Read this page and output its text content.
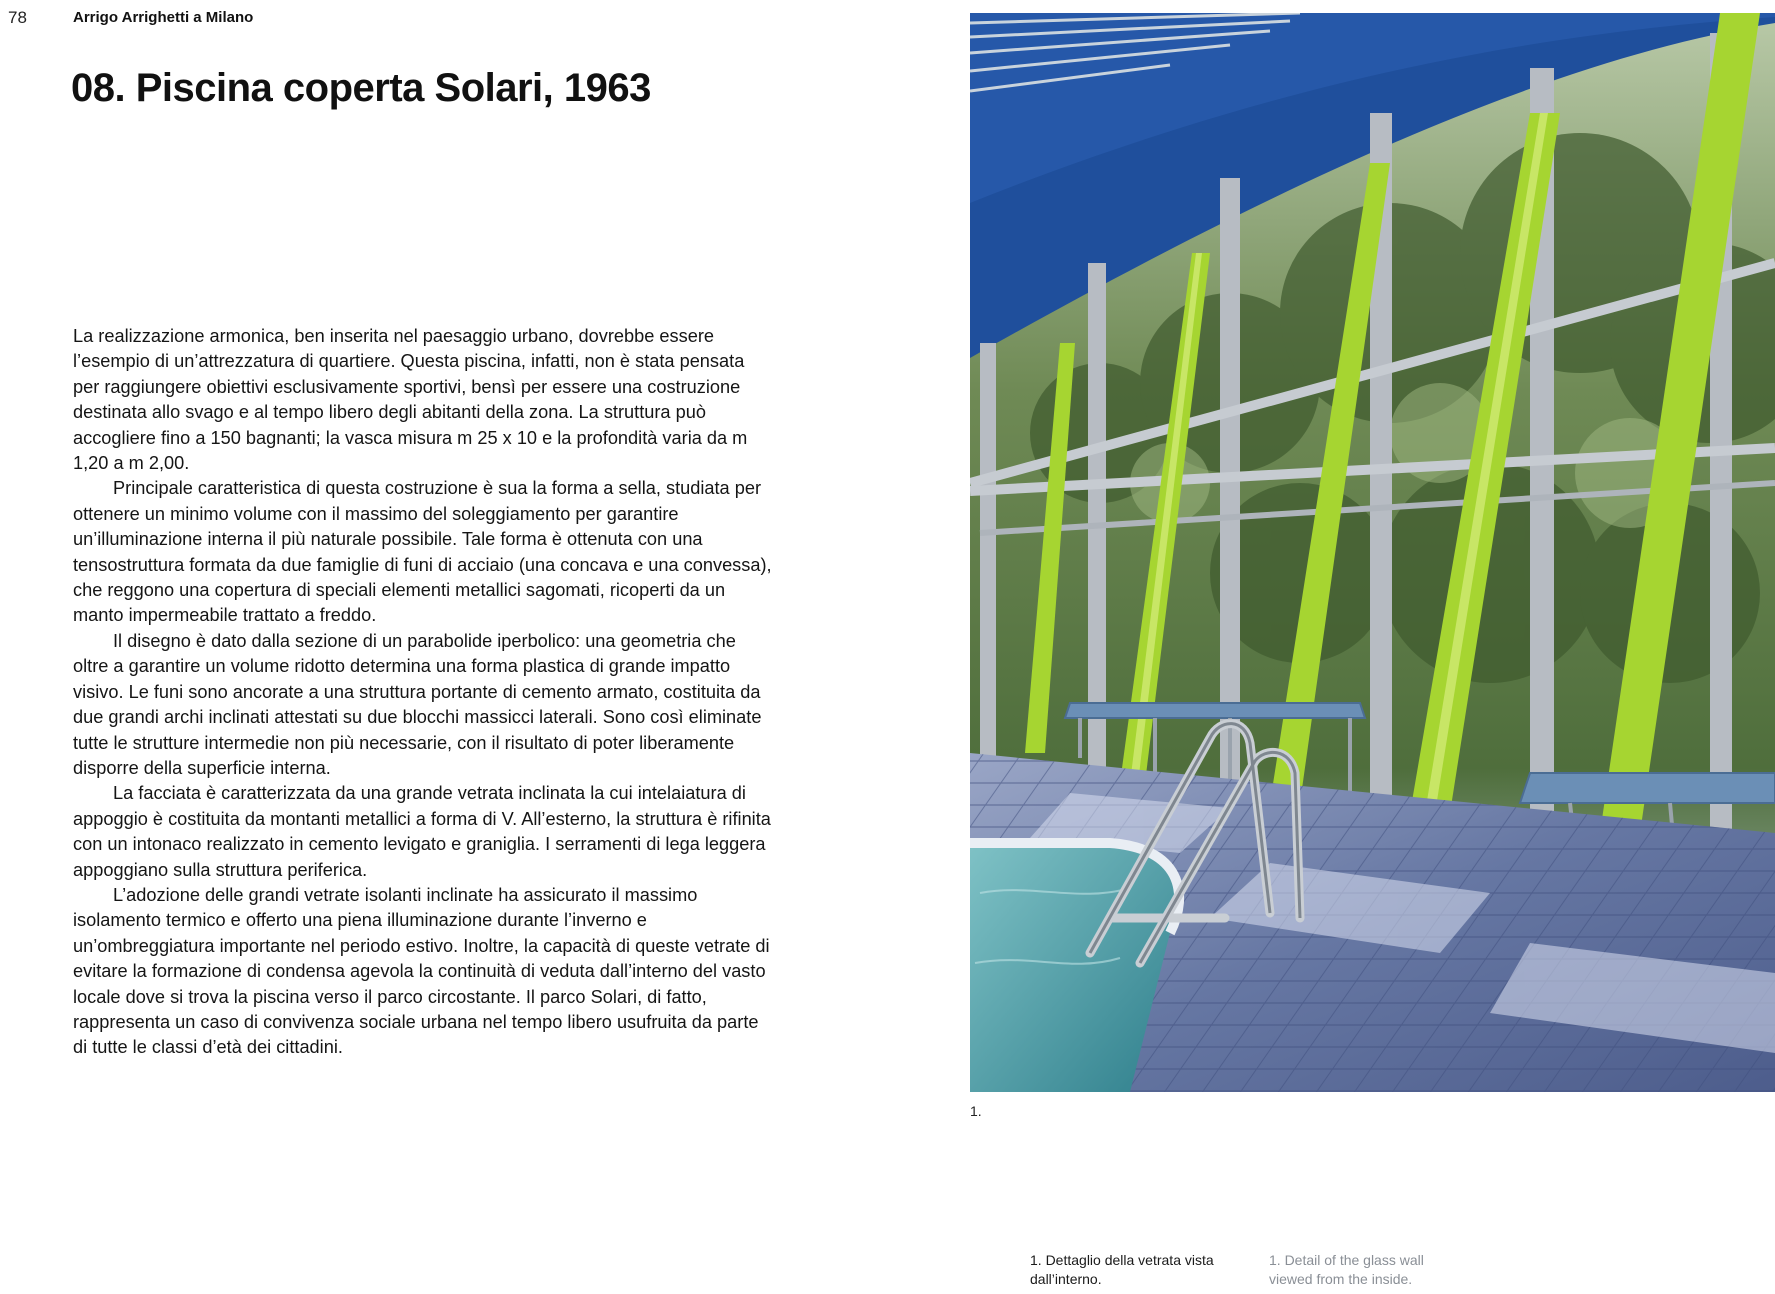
78	Arrigo Arrighetti a Milano
08. Piscina coperta Solari, 1963

La realizzazione armonica, ben inserita nel paesaggio urbano, dovrebbe essere l’esempio di un’attrezzatura di quartiere. Questa piscina, infatti, non è stata pensata per raggiungere obiettivi esclusivamente sportivi, bensì per essere una costruzione destinata allo svago e al tempo libero degli abitanti della zona. La struttura può accogliere fino a 150 bagnanti; la vasca misura m 25 x 10 e la profondità varia da m 1,20 a m 2,00.

Principale caratteristica di questa costruzione è sua la forma a sella, studiata per ottenere un minimo volume con il massimo del soleggiamento per garantire un’illuminazione interna il più naturale possibile. Tale forma è ottenuta con una tensostruttura formata da due famiglie di funi di acciaio (una concava e una convessa), che reggono una copertura di speciali elementi metallici sagomati, ricoperti da un manto impermeabile trattato a freddo.

Il disegno è dato dalla sezione di un parabolide iperbolico: una geometria che oltre a garantire un volume ridotto determina una forma plastica di grande impatto visivo. Le funi sono ancorate a una struttura portante di cemento armato, costituita da due grandi archi inclinati attestati su due blocchi massicci laterali. Sono così eliminate tutte le strutture intermedie non più necessarie, con il risultato di poter liberamente disporre della superficie interna.

La facciata è caratterizzata da una grande vetrata inclinata la cui intelaiatura di appoggio è costituita da montanti metallici a forma di V. All’esterno, la struttura è rifinita con un intonaco realizzato in cemento levigato e graniglia. I serramenti di lega leggera appoggiano sulla struttura periferica.

L’adozione delle grandi vetrate isolanti inclinate ha assicurato il massimo isolamento termico e offerto una piena illuminazione durante l’inverno e un’ombreggiatura importante nel periodo estivo. Inoltre, la capacità di queste vetrate di evitare la formazione di condensa agevola la continuità di veduta dall’interno del vasto locale dove si trova la piscina verso il parco circostante. Il parco Solari, di fatto, rappresenta un caso di convivenza sociale urbana nel tempo libero usufruita da parte di tutte le classi d’età dei cittadini.

1.
1. Dettaglio della vetrata vista dall’interno.
1. Detail of the glass wall viewed from the inside.
